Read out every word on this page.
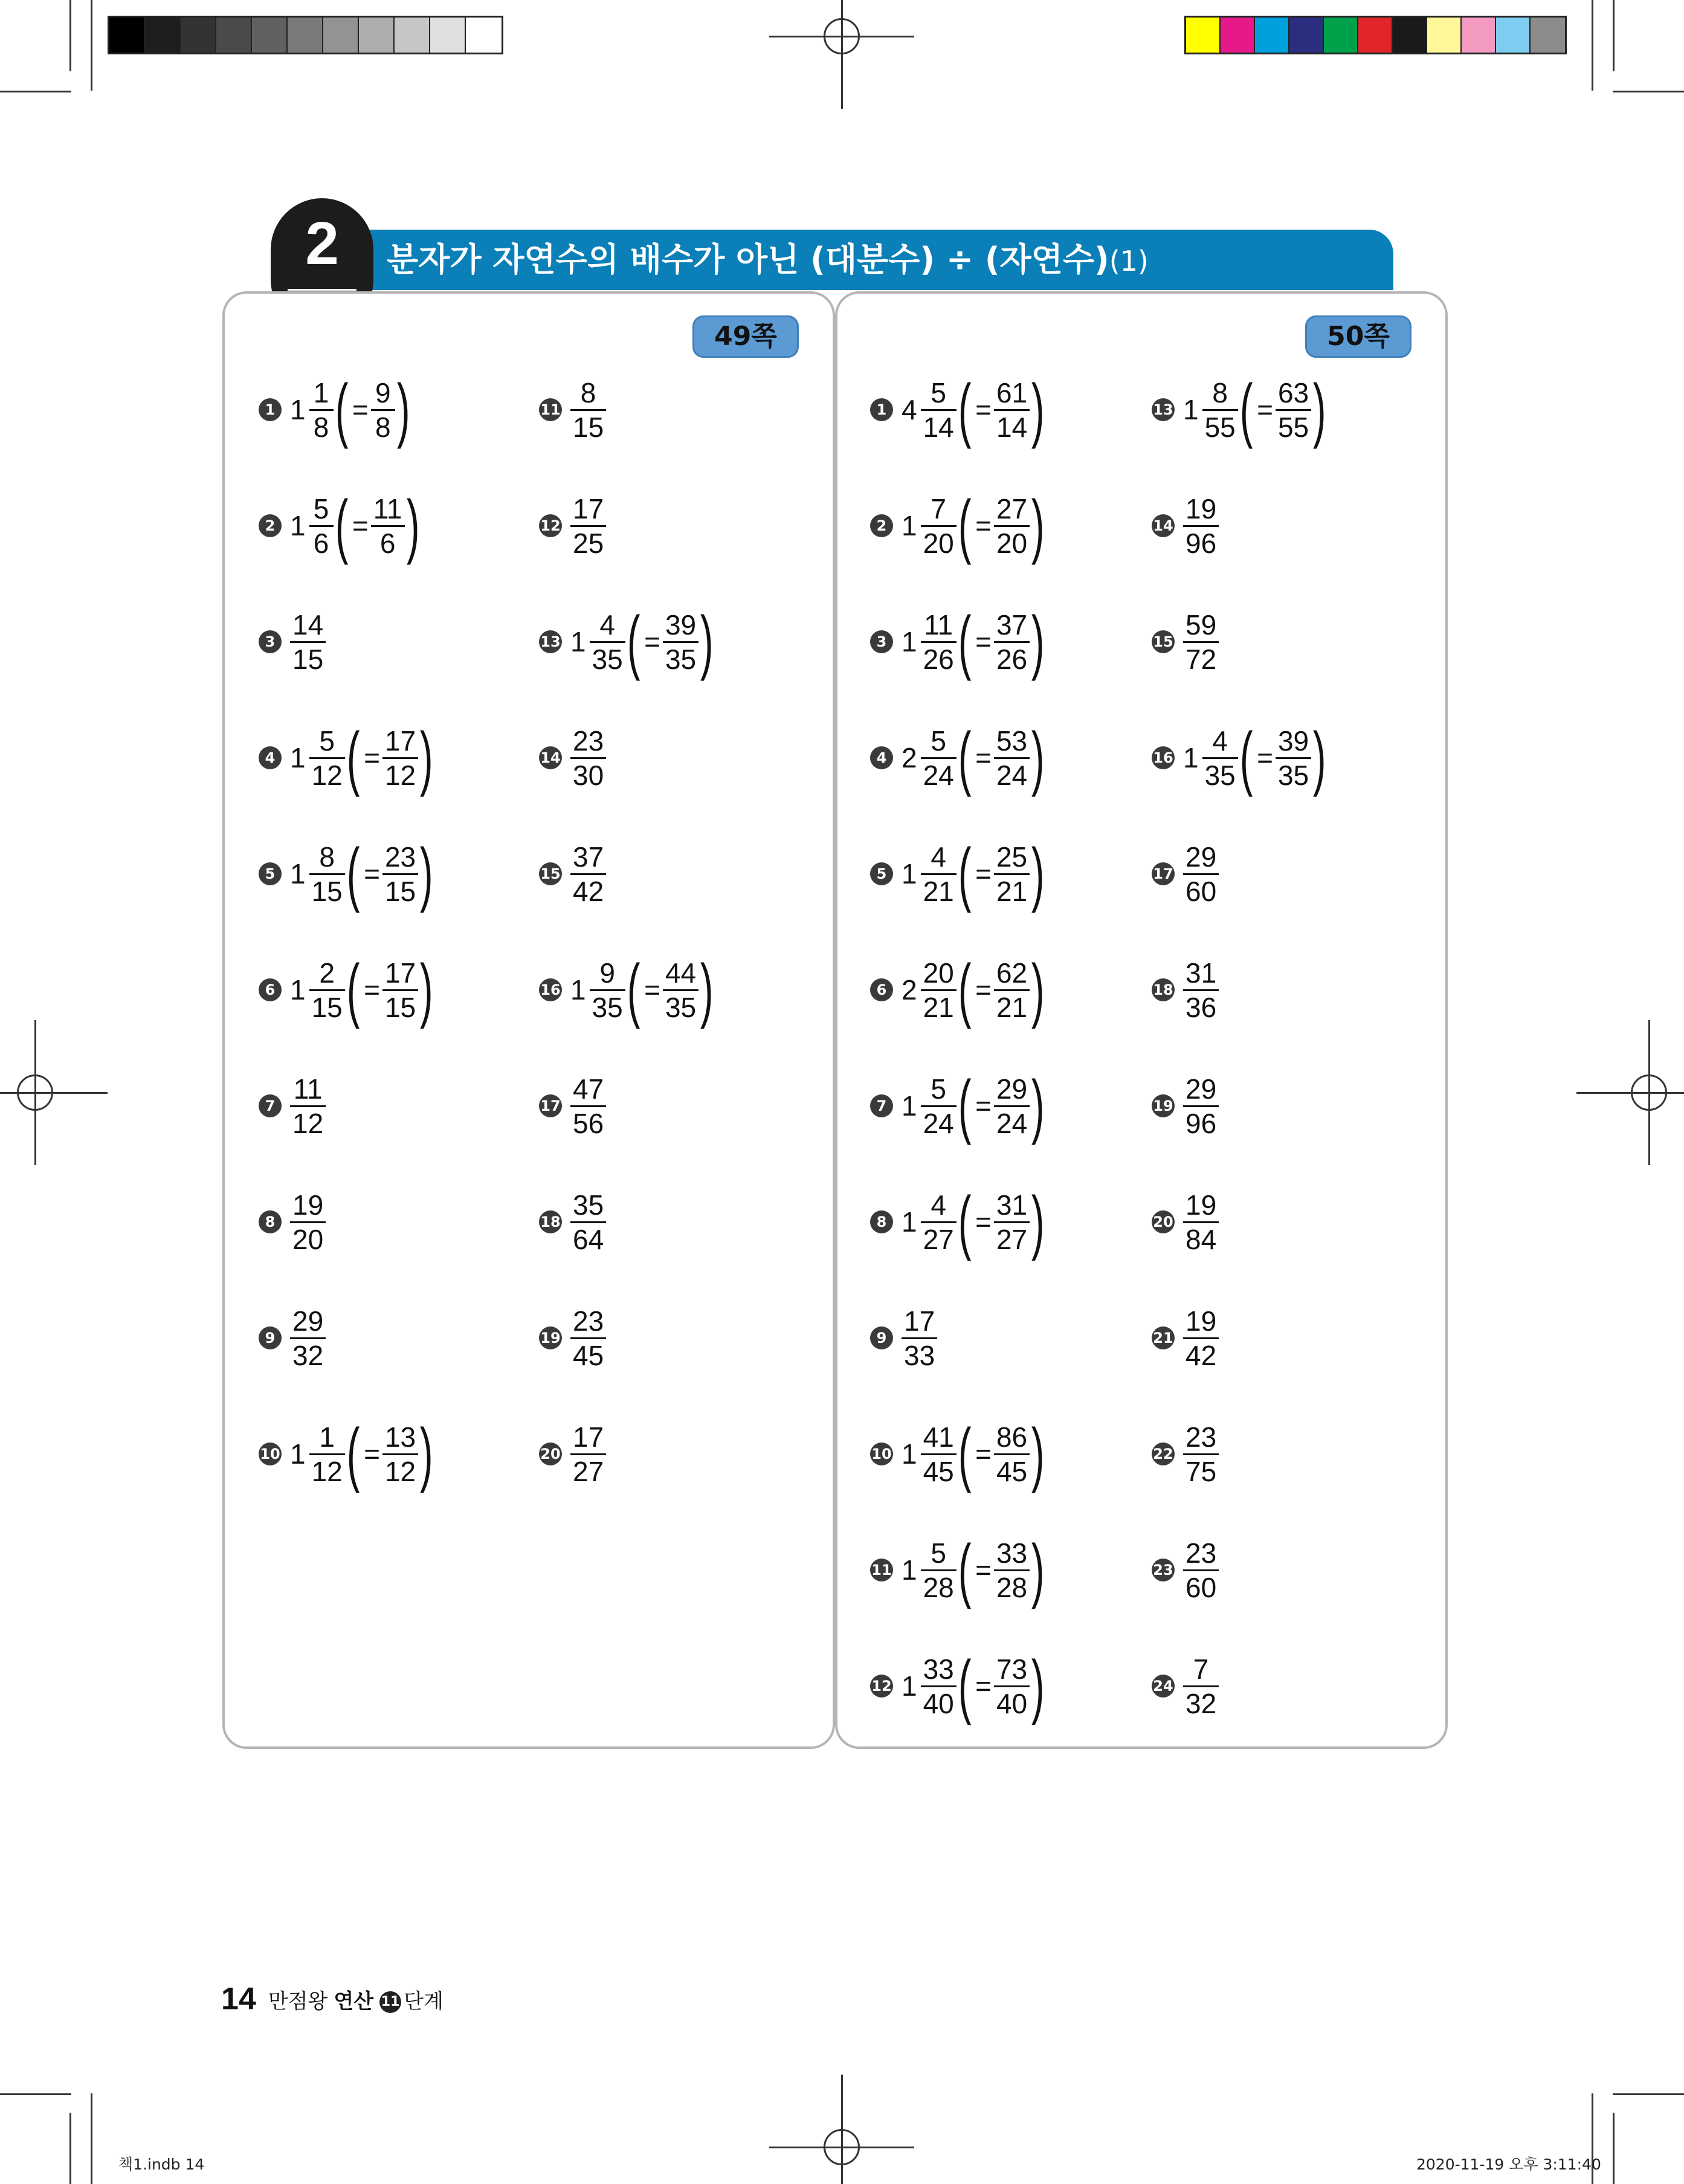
분자가 자연수의 배수가 아닌 (대분수) ÷ (자연수)(1)
2
49쪽	50쪽
1 $1 \frac{1}{8}$ ( = $\frac{9}{8}$ )
2 $1 \frac{5}{6}$ ( = $\frac{11}{6}$ )
$3 \frac{14}{15}$
4 $1 \frac{5}{12}$ ( = $\frac{17}{12}$ )
5 $1 \frac{8}{15}$ ( = $\frac{23}{15}$ )
6 $1 \frac{2}{15}$ ( = $\frac{17}{15}$ )
$7 \frac{11}{12}$
$8 \frac{19}{20}$
$9 \frac{29}{32}$
10 $1 \frac{1}{12}$ ( = $\frac{13}{12}$ )
$11 \frac{8}{15}$
$12 \frac{17}{25}$
13 $1 \frac{4}{35}$ ( = $\frac{39}{35}$ )
$14 \frac{23}{30}$
$15 \frac{37}{42}$
16 $1 \frac{9}{35}$ ( = $\frac{44}{35}$ )
$17 \frac{47}{56}$
$18 \frac{35}{64}$
$19 \frac{23}{45}$
$20 \frac{17}{27}$
1 $4 \frac{5}{14}$ ( = $\frac{61}{14}$ )
2 $1 \frac{7}{20}$ ( = $\frac{27}{20}$ )
3 $1 \frac{11}{26}$ ( = $\frac{37}{26}$ )
4 $2 \frac{5}{24}$ ( = $\frac{53}{24}$ )
5 $1 \frac{4}{21}$ ( = $\frac{25}{21}$ )
6 $2 \frac{20}{21}$ ( = $\frac{62}{21}$ )
7 $1 \frac{5}{24}$ ( = $\frac{29}{24}$ )
8 $1 \frac{4}{27}$ ( = $\frac{31}{27}$ )
$9 \frac{17}{33}$
10 $1 \frac{41}{45}$ ( = $\frac{86}{45}$ )
11 $1 \frac{5}{28}$ ( = $\frac{33}{28}$ )
12 $1 \frac{33}{40}$ ( = $\frac{73}{40}$ )
13 $1 \frac{8}{55}$ ( = $\frac{63}{55}$ )
$14 \frac{19}{96}$
$15 \frac{59}{72}$
16 $1 \frac{4}{35}$ ( = $\frac{39}{35}$ )
$17 \frac{29}{60}$
$18 \frac{31}{36}$
$19 \frac{29}{96}$
$20 \frac{19}{84}$
$21 \frac{19}{42}$
$22 \frac{23}{75}$
$23 \frac{23}{60}$
$24 \frac{7}{32}$
14 만점왕 연산 11 단계
책1.indb 14	2020-11-19 오후 3:11:40
